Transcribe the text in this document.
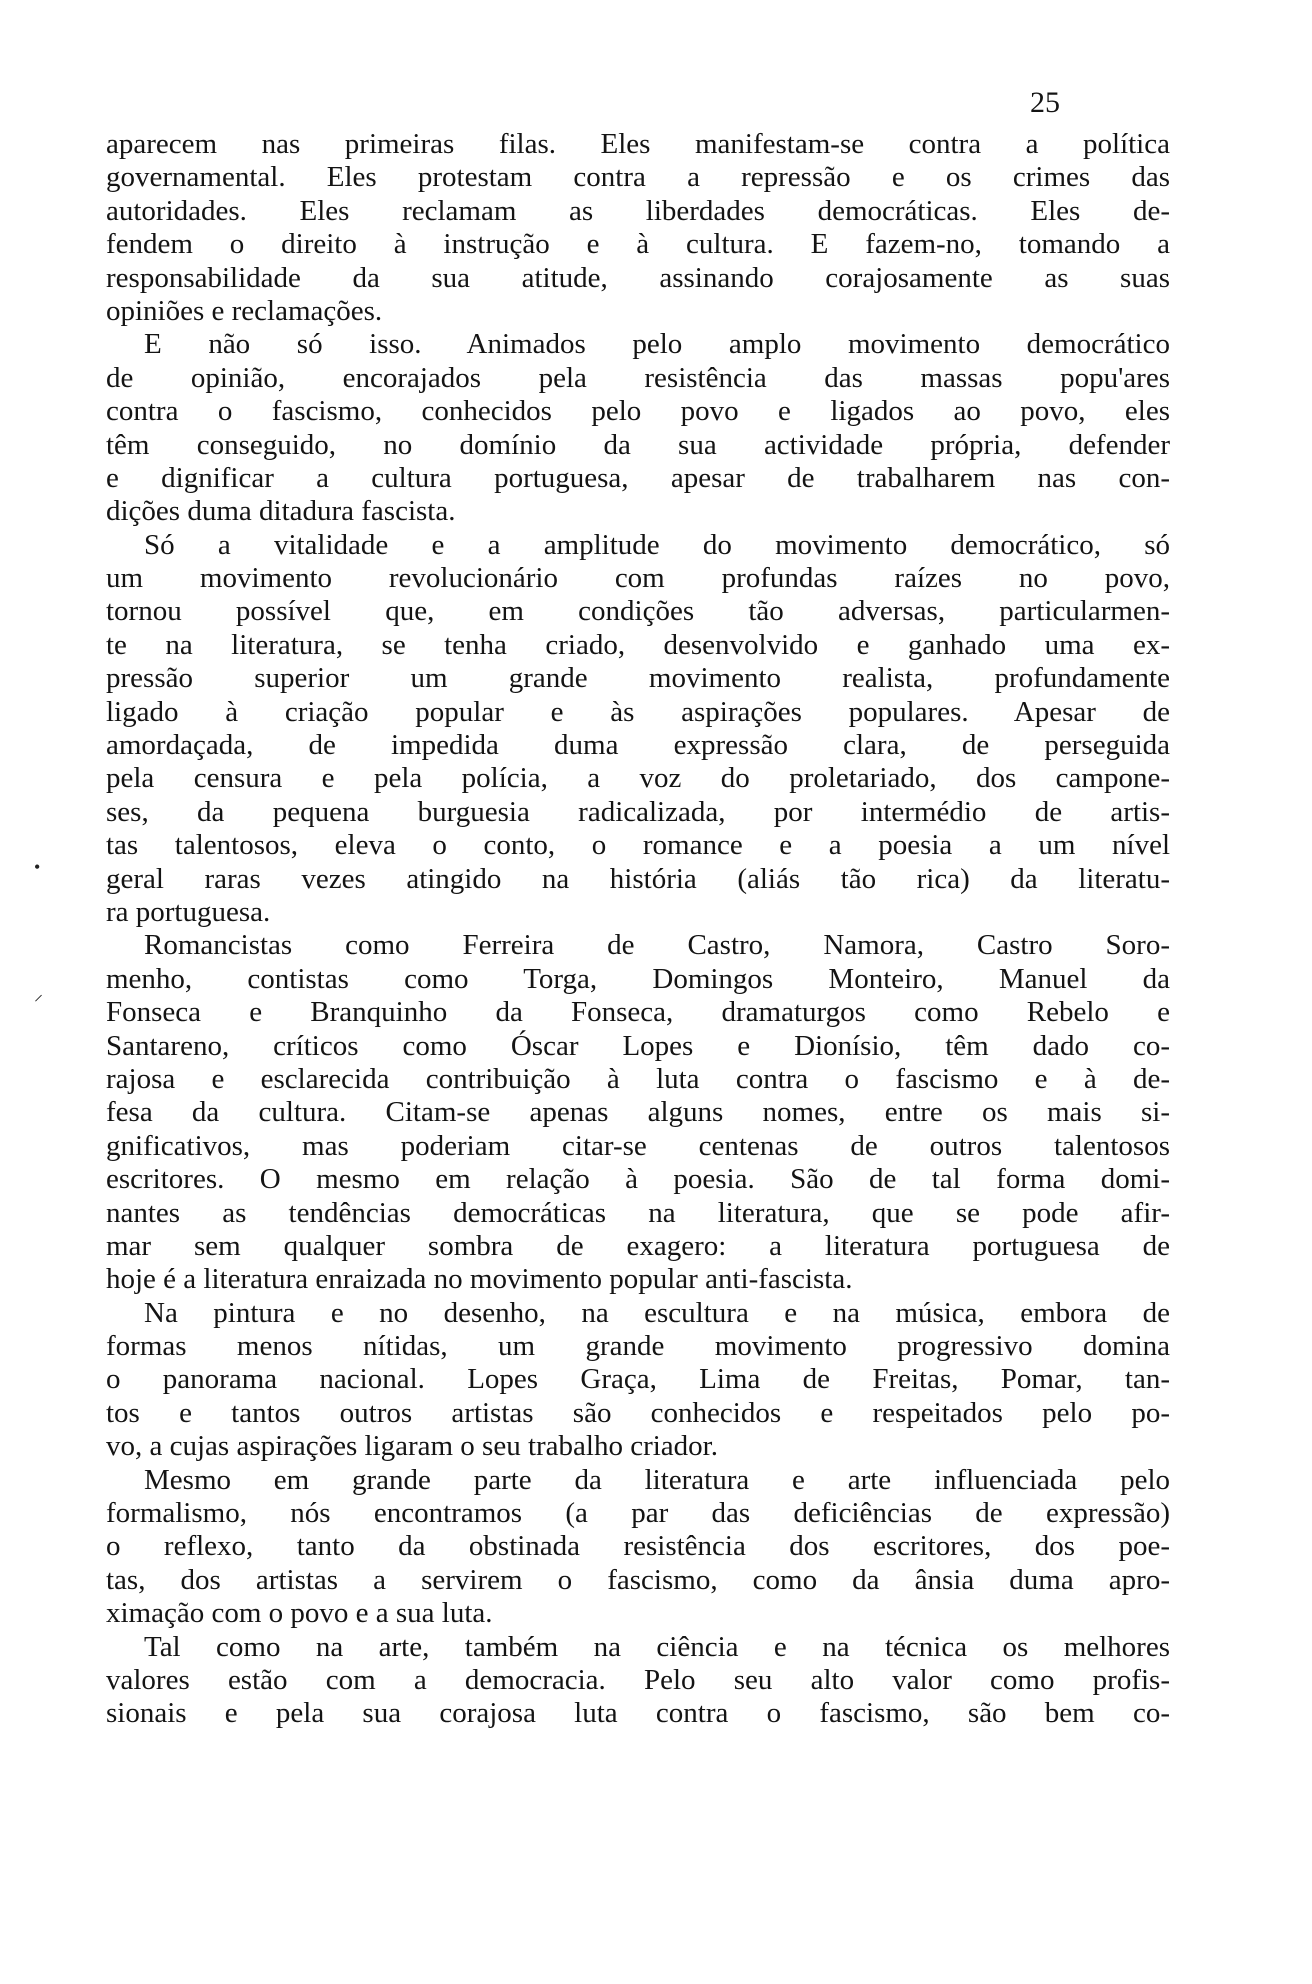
25
•
⸝
aparecem nas primeiras filas. Eles manifestam-se contra a política
governamental. Eles protestam contra a repressão e os crimes das
autoridades. Eles reclamam as liberdades democráticas. Eles de-
fendem o direito à instrução e à cultura. E fazem-no, tomando a
responsabilidade da sua atitude, assinando corajosamente as suas
opiniões e reclamações.
E não só isso. Animados pelo amplo movimento democrático
de opinião, encorajados pela resistência das massas popu'ares
contra o fascismo, conhecidos pelo povo e ligados ao povo, eles
têm conseguido, no domínio da sua actividade própria, defender
e dignificar a cultura portuguesa, apesar de trabalharem nas con-
dições duma ditadura fascista.
Só a vitalidade e a amplitude do movimento democrático, só
um movimento revolucionário com profundas raízes no povo,
tornou possível que, em condições tão adversas, particularmen-
te na literatura, se tenha criado, desenvolvido e ganhado uma ex-
pressão superior um grande movimento realista, profundamente
ligado à criação popular e às aspirações populares. Apesar de
amordaçada, de impedida duma expressão clara, de perseguida
pela censura e pela polícia, a voz do proletariado, dos campone-
ses, da pequena burguesia radicalizada, por intermédio de artis-
tas talentosos, eleva o conto, o romance e a poesia a um nível
geral raras vezes atingido na história (aliás tão rica) da literatu-
ra portuguesa.
Romancistas como Ferreira de Castro, Namora, Castro Soro-
menho, contistas como Torga, Domingos Monteiro, Manuel da
Fonseca e Branquinho da Fonseca, dramaturgos como Rebelo e
Santareno, críticos como Óscar Lopes e Dionísio, têm dado co-
rajosa e esclarecida contribuição à luta contra o fascismo e à de-
fesa da cultura. Citam-se apenas alguns nomes, entre os mais si-
gnificativos, mas poderiam citar-se centenas de outros talentosos
escritores. O mesmo em relação à poesia. São de tal forma domi-
nantes as tendências democráticas na literatura, que se pode afir-
mar sem qualquer sombra de exagero: a literatura portuguesa de
hoje é a literatura enraizada no movimento popular anti-fascista.
Na pintura e no desenho, na escultura e na música, embora de
formas menos nítidas, um grande movimento progressivo domina
o panorama nacional. Lopes Graça, Lima de Freitas, Pomar, tan-
tos e tantos outros artistas são conhecidos e respeitados pelo po-
vo, a cujas aspirações ligaram o seu trabalho criador.
Mesmo em grande parte da literatura e arte influenciada pelo
formalismo, nós encontramos (a par das deficiências de expressão)
o reflexo, tanto da obstinada resistência dos escritores, dos poe-
tas, dos artistas a servirem o fascismo, como da ânsia duma apro-
ximação com o povo e a sua luta.
Tal como na arte, também na ciência e na técnica os melhores
valores estão com a democracia. Pelo seu alto valor como profis-
sionais e pela sua corajosa luta contra o fascismo, são bem co-
